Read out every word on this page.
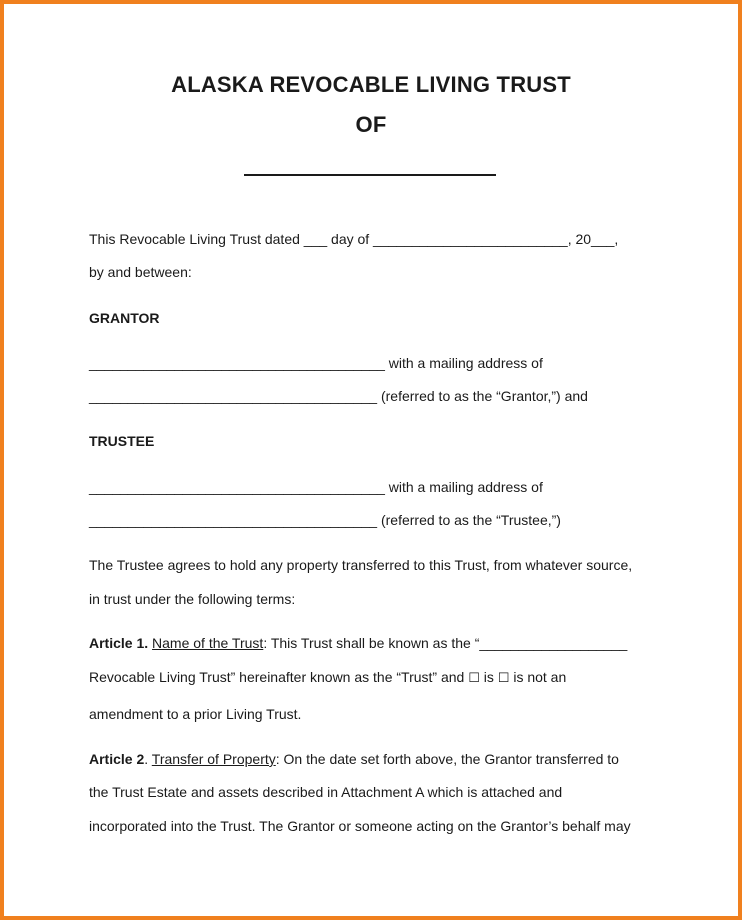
ALASKA REVOCABLE LIVING TRUST
OF
This Revocable Living Trust dated ___ day of _________________________, 20___,
by and between:
GRANTOR
______________________________________ with a mailing address of
_____________________________________ (referred to as the “Grantor,”) and
TRUSTEE
______________________________________ with a mailing address of
_____________________________________ (referred to as the “Trustee,”)
The Trustee agrees to hold any property transferred to this Trust, from whatever source,
in trust under the following terms:
Article 1. Name of the Trust: This Trust shall be known as the “___________________
Revocable Living Trust” hereinafter known as the “Trust” and ☐ is ☐ is not an
amendment to a prior Living Trust.
Article 2. Transfer of Property: On the date set forth above, the Grantor transferred to
the Trust Estate and assets described in Attachment A which is attached and
incorporated into the Trust. The Grantor or someone acting on the Grantor’s behalf may
